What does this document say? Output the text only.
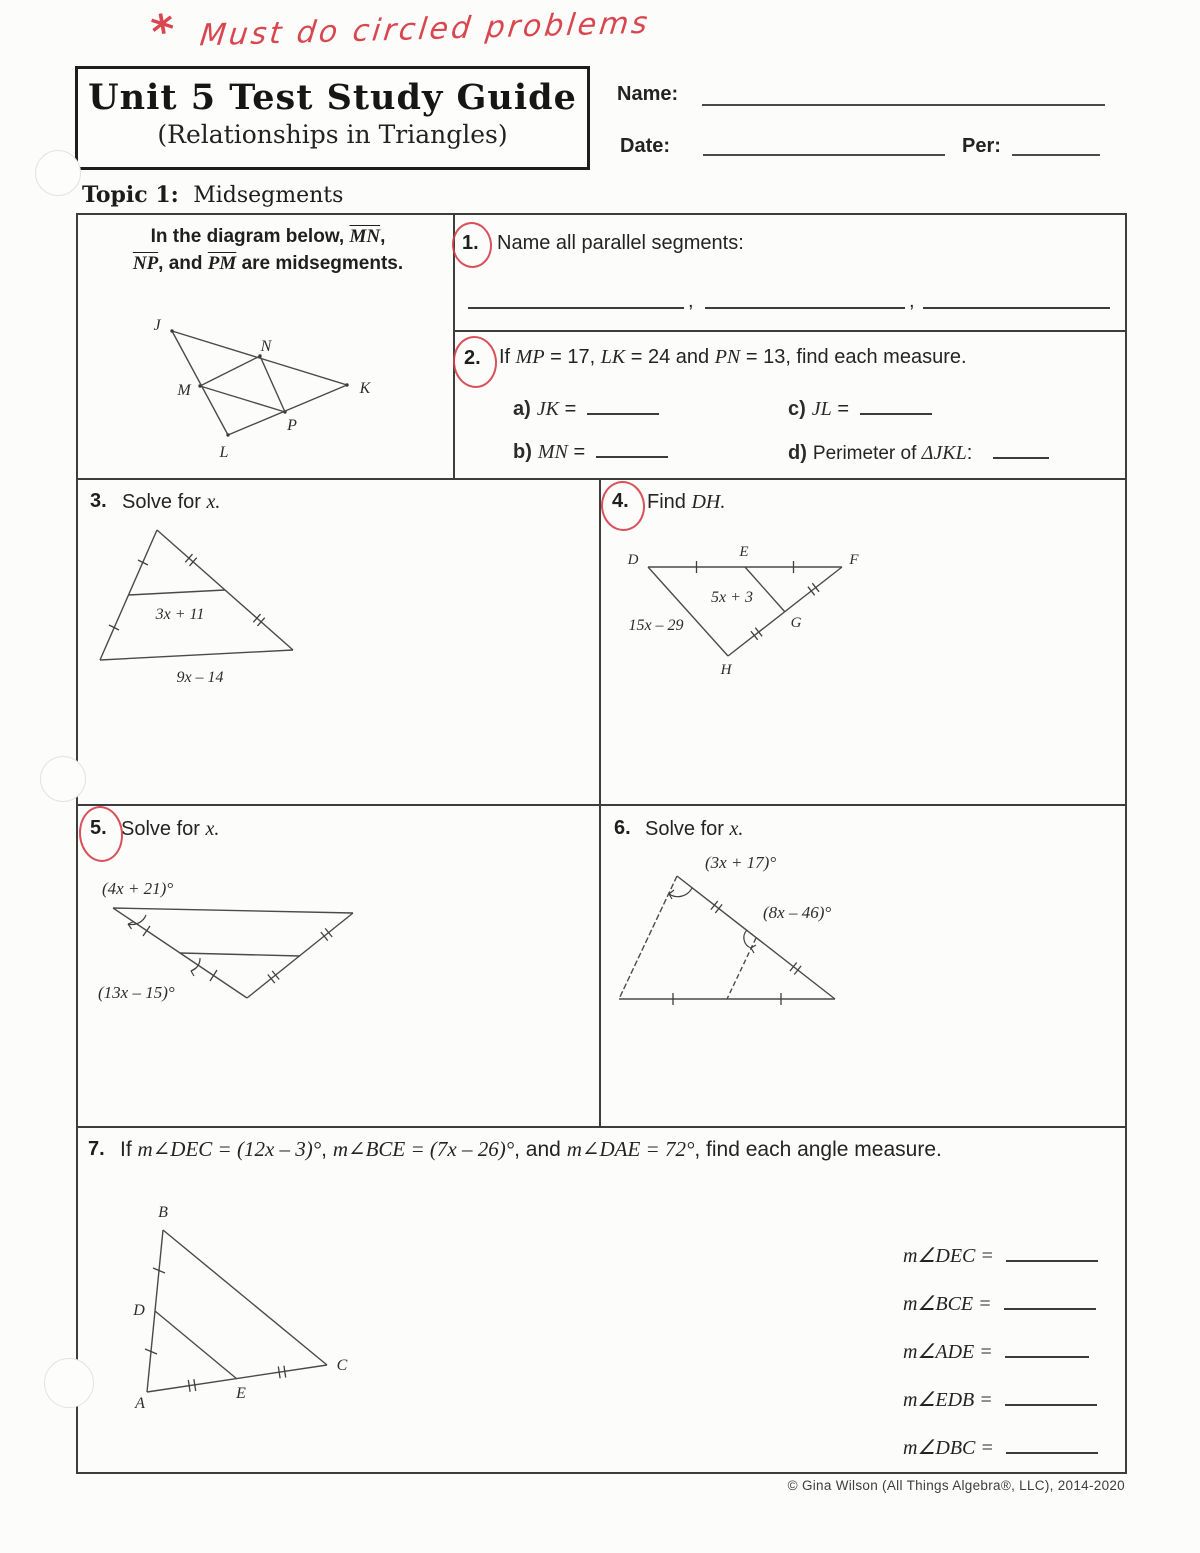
* Must do circled problems
Unit 5 Test Study Guide
(Relationships in Triangles)
Name:
Date:	Per:
Topic 1: Midsegments
In the diagram below, $\overline{MN}$,
$\overline{NP}$, and $\overline{PM}$ are midsegments.
J
N
M	K
P
L
1. Name all parallel segments:
,	,
2. If MP = 17, LK = 24 and PN = 13, find each measure.
a) JK =
b) MN =
c) JL =
d) Perimeter of ΔJKL:
3. Solve for x.
3x + 11
9x – 14
4. Find DH.
D	E	F
G
H
5x + 3
15x – 29
5. Solve for x.
(4x + 21)°
(13x – 15)°
6. Solve for x.
(3x + 17)°
(8x – 46)°
7. If m∠DEC = (12x – 3)°, m∠BCE = (7x – 26)°, and m∠DAE = 72°, find each angle measure.
B
D
A
E
C
m∠DEC =
m∠BCE =
m∠ADE =
m∠EDB =
m∠DBC =
© Gina Wilson (All Things Algebra®, LLC), 2014-2020
